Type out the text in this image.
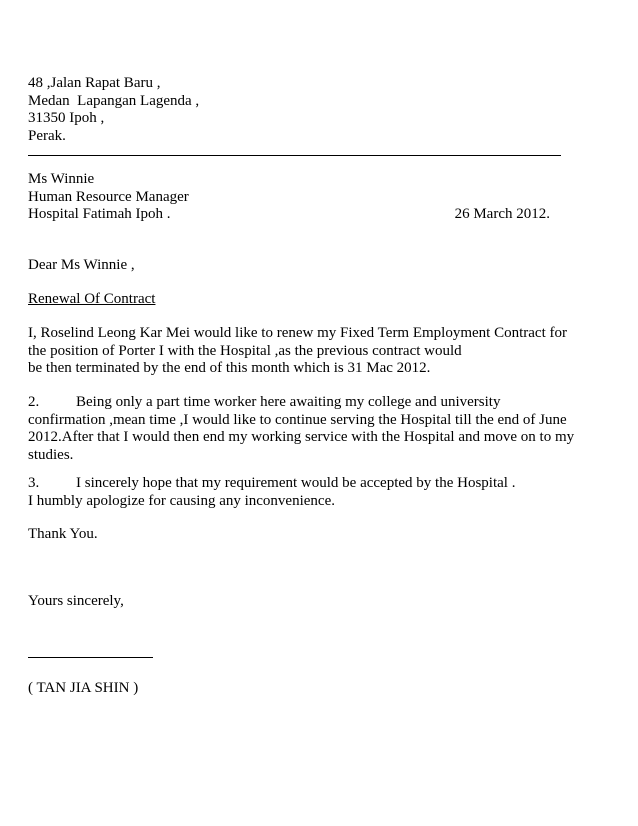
48 ,Jalan Rapat Baru ,
Medan  Lapangan Lagenda ,
31350 Ipoh ,
Perak.
Ms Winnie
Human Resource Manager
Hospital Fatimah Ipoh .	26 March 2012.
Dear Ms Winnie ,
Renewal Of Contract
I, Roselind Leong Kar Mei would like to renew my Fixed Term Employment Contract for
the position of Porter I with the Hospital ,as the previous contract would
be then terminated by the end of this month which is 31 Mac 2012.
2. Being only a part time worker here awaiting my college and university
confirmation ,mean time ,I would like to continue serving the Hospital till the end of June
2012.After that I would then end my working service with the Hospital and move on to my
studies.
3. I sincerely hope that my requirement would be accepted by the Hospital .
I humbly apologize for causing any inconvenience.
Thank You.
Yours sincerely,
( TAN JIA SHIN )
